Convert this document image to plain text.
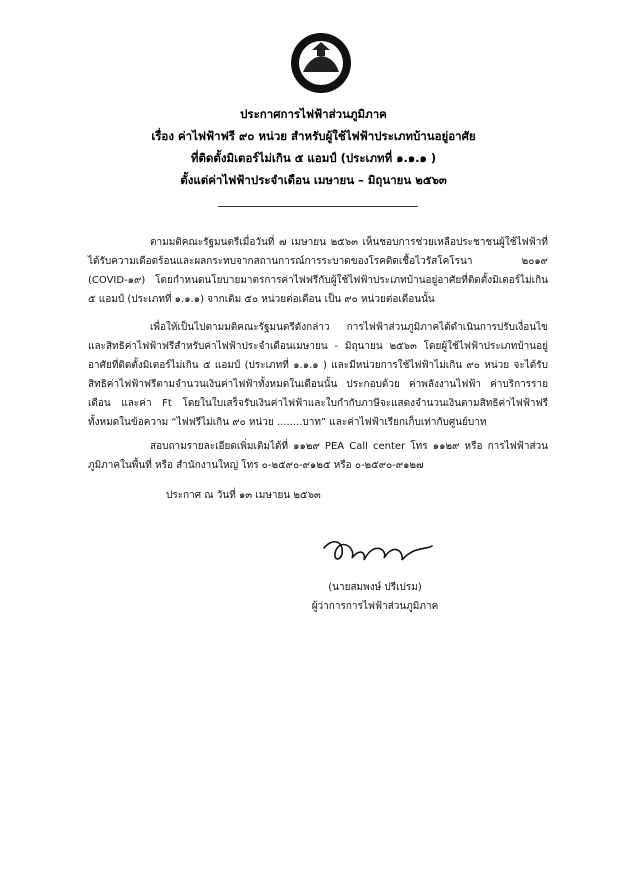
ประกาศการไฟฟ้าส่วนภูมิภาค
เรื่อง ค่าไฟฟ้าฟรี ๙๐ หน่วย สำหรับผู้ใช้ไฟฟ้าประเภทบ้านอยู่อาศัย
ที่ติดตั้งมิเตอร์ไม่เกิน ๕ แอมป์ (ประเภทที่ ๑.๑.๑ )
ตั้งแต่ค่าไฟฟ้าประจำเดือน เมษายน – มิถุนายน ๒๕๖๓

ตามมติคณะรัฐมนตรีเมื่อวันที่ ๗ เมษายน ๒๕๖๓ เห็นชอบการช่วยเหลือประชาชนผู้ใช้ไฟฟ้าที่ได้รับความเดือดร้อนและผลกระทบจากสถานการณ์การระบาดของโรคติดเชื้อไวรัสโคโรนา ๒๐๑๙ (COVID-๑๙) โดยกำหนดนโยบายมาตรการค่าไฟฟรีกับผู้ใช้ไฟฟ้าประเภทบ้านอยู่อาศัยที่ติดตั้งมิเตอร์ไม่เกิน ๕ แอมป์ (ประเภทที่ ๑.๑.๑) จากเดิม ๕๐ หน่วยต่อเดือน เป็น ๙๐ หน่วยต่อเดือนนั้น

เพื่อให้เป็นไปตามมติคณะรัฐมนตรีดังกล่าว การไฟฟ้าส่วนภูมิภาคได้ดำเนินการปรับเงื่อนไขและสิทธิค่าไฟฟ้าฟรีสำหรับค่าไฟฟ้าประจำเดือนเมษายน - มิถุนายน ๒๕๖๓ โดยผู้ใช้ไฟฟ้าประเภทบ้านอยู่อาศัยที่ติดตั้งมิเตอร์ไม่เกิน ๕ แอมป์ (ประเภทที่ ๑.๑.๑ ) และมีหน่วยการใช้ไฟฟ้าไม่เกิน ๙๐ หน่วย จะได้รับสิทธิค่าไฟฟ้าฟรีตามจำนวนเงินค่าไฟฟ้าทั้งหมดในเดือนนั้น ประกอบด้วย ค่าพลังงานไฟฟ้า ค่าบริการรายเดือน และค่า Ft โดยในใบเสร็จรับเงินค่าไฟฟ้าและใบกำกับภาษีจะแสดงจำนวนเงินตามสิทธิค่าไฟฟ้าฟรีทั้งหมดในข้อความ “ไฟฟรีไม่เกิน ๙๐ หน่วย ........บาท” และค่าไฟฟ้าเรียกเก็บเท่ากับศูนย์บาท

สอบถามรายละเอียดเพิ่มเติมได้ที่ ๑๑๒๙ PEA Call center โทร ๑๑๒๙ หรือ การไฟฟ้าส่วนภูมิภาคในพื้นที่ หรือ สำนักงานใหญ่ โทร ๐-๒๕๙๐-๙๑๒๕ หรือ ๐-๒๕๙๐-๙๑๒๗

ประกาศ ณ วันที่ ๑๓ เมษายน ๒๕๖๓
(นายสมพงษ์ ปรีเปรม)
ผู้ว่าการการไฟฟ้าส่วนภูมิภาค
